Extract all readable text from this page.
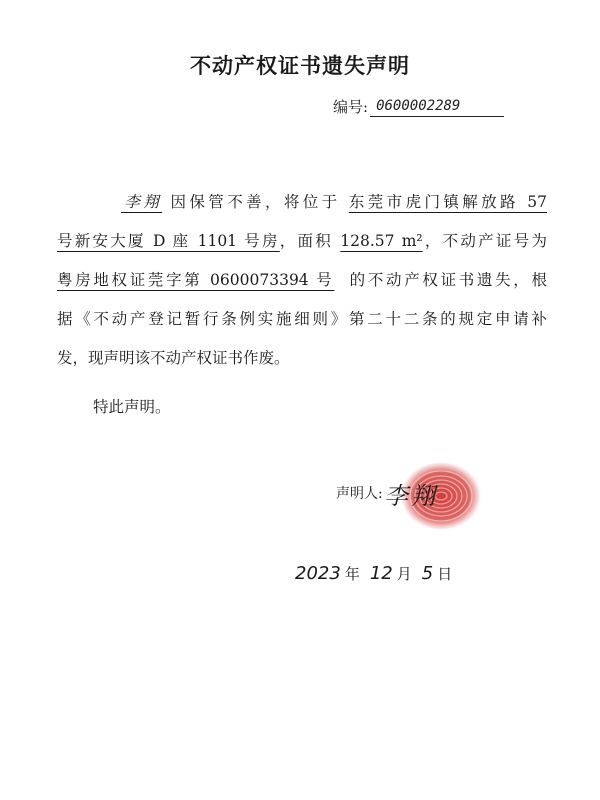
不动产权证书遗失声明
编号: 0600002289
李翔 因保管不善，将位于 东莞市虎门镇解放路 57
号新安大厦 D 座 1101 号房，面积 128.57 m²，不动产证号为
粤房地权证莞字第 0600073394 号 的不动产权证书遗失，根
据《不动产登记暂行条例实施细则》第二十二条的规定申请补
发，现声明该不动产权证书作废。
特此声明。
声明人: 李翔
2023 年 12 月 5 日
